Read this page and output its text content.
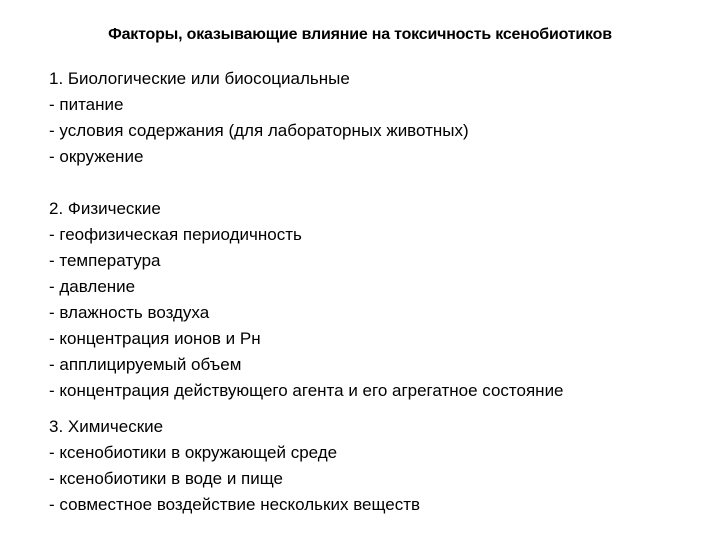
Факторы, оказывающие влияние на токсичность ксенобиотиков
1. Биологические или биосоциальные
- питание
- условия содержания (для лабораторных животных)
- окружение
2. Физические
- геофизическая периодичность
- температура
- давление
- влажность воздуха
- концентрация ионов и Рн
- апплицируемый объем
- концентрация действующего агента и его агрегатное состояние
3. Химические
- ксенобиотики в окружающей среде
- ксенобиотики в воде и пище
- совместное воздействие нескольких веществ
